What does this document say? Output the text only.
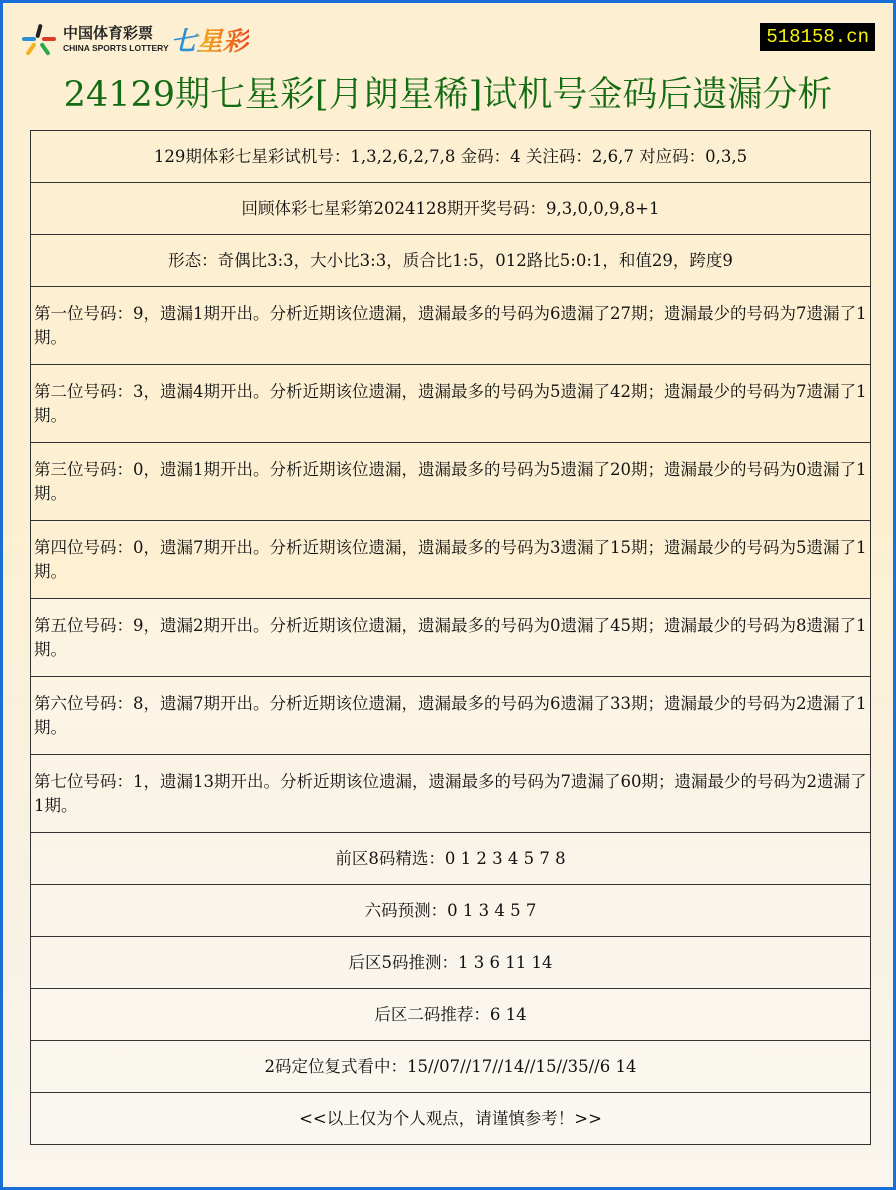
中国体育彩票
CHINA SPORTS LOTTERY 七星彩	518158.cn
24129期七星彩[月朗星稀]试机号金码后遗漏分析
129期体彩七星彩试机号：1,3,2,6,2,7,8 金码：4 关注码：2,6,7 对应码：0,3,5
回顾体彩七星彩第2024128期开奖号码：9,3,0,0,9,8+1
形态：奇偶比3:3，大小比3:3，质合比1:5，012路比5:0:1，和值29，跨度9
第一位号码：9，遗漏1期开出。分析近期该位遗漏，遗漏最多的号码为6遗漏了27期；遗漏最少的号码为7遗漏了1期。
第二位号码：3，遗漏4期开出。分析近期该位遗漏，遗漏最多的号码为5遗漏了42期；遗漏最少的号码为7遗漏了1期。
第三位号码：0，遗漏1期开出。分析近期该位遗漏，遗漏最多的号码为5遗漏了20期；遗漏最少的号码为0遗漏了1期。
第四位号码：0，遗漏7期开出。分析近期该位遗漏，遗漏最多的号码为3遗漏了15期；遗漏最少的号码为5遗漏了1期。
第五位号码：9，遗漏2期开出。分析近期该位遗漏，遗漏最多的号码为0遗漏了45期；遗漏最少的号码为8遗漏了1期。
第六位号码：8，遗漏7期开出。分析近期该位遗漏，遗漏最多的号码为6遗漏了33期；遗漏最少的号码为2遗漏了1期。
第七位号码：1，遗漏13期开出。分析近期该位遗漏，遗漏最多的号码为7遗漏了60期；遗漏最少的号码为2遗漏了1期。
前区8码精选：0 1 2 3 4 5 7 8
六码预测：0 1 3 4 5 7
后区5码推测：1 3 6 11 14
后区二码推荐：6 14
2码定位复式看中：15//07//17//14//15//35//6 14
<<以上仅为个人观点，请谨慎参考！>>
